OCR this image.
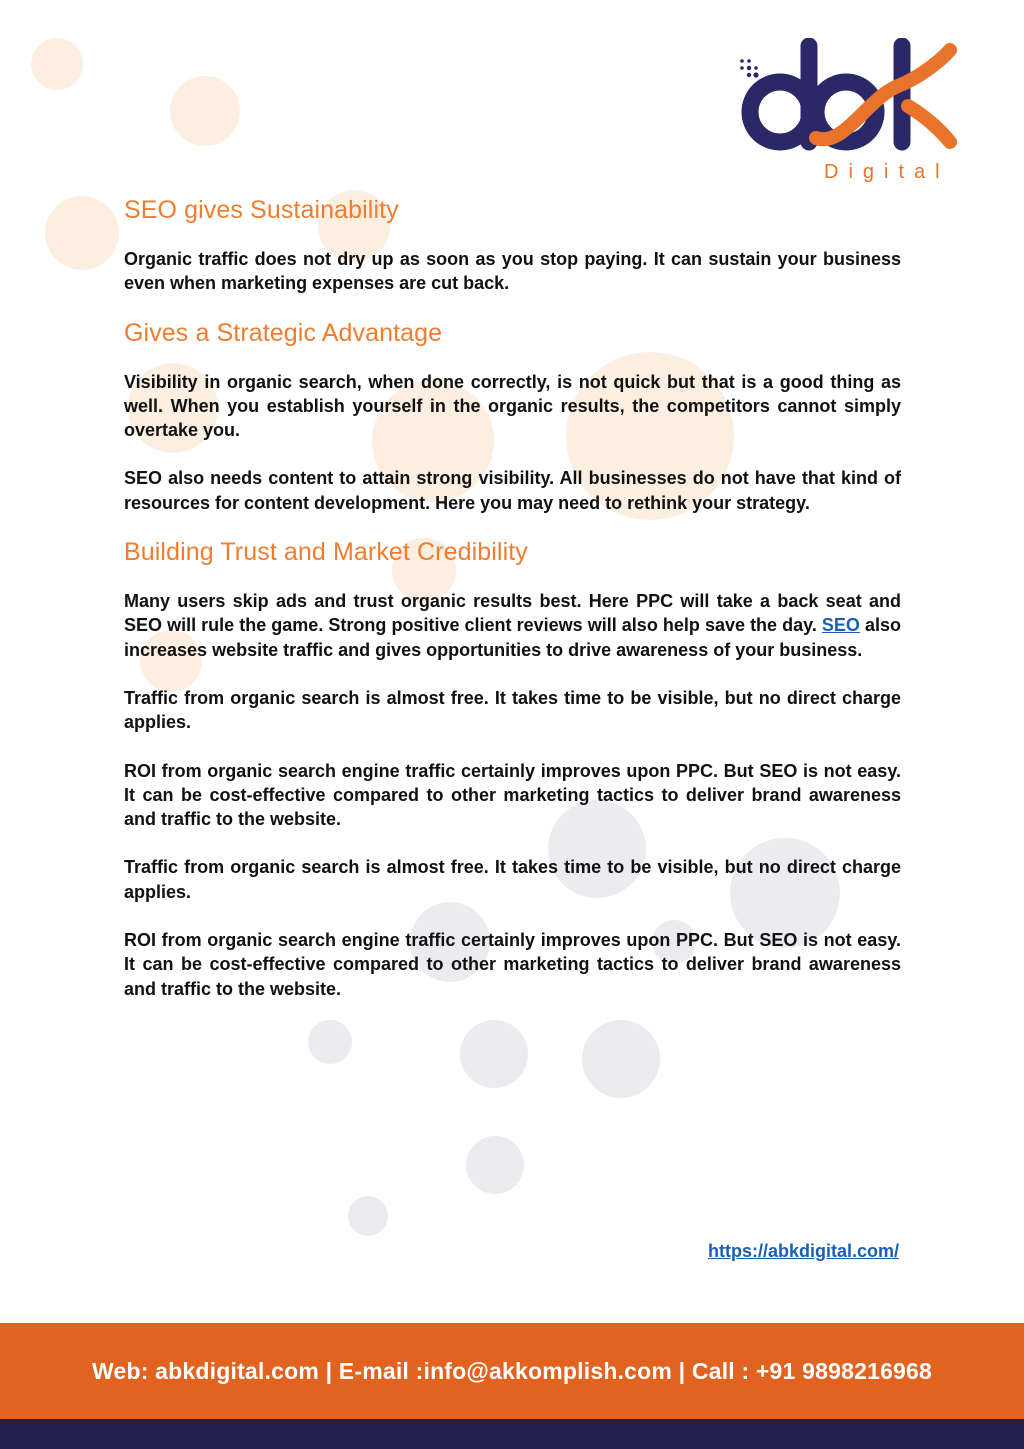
Digital
SEO gives Sustainability

Organic traffic does not dry up as soon as you stop paying. It can sustain your business even when marketing expenses are cut back.

Gives a Strategic Advantage

Visibility in organic search, when done correctly, is not quick but that is a good thing as well. When you establish yourself in the organic results, the competitors cannot simply overtake you.

SEO also needs content to attain strong visibility. All businesses do not have that kind of resources for content development. Here you may need to rethink your strategy.

Building Trust and Market Credibility

Many users skip ads and trust organic results best. Here PPC will take a back seat and SEO will rule the game. Strong positive client reviews will also help save the day. SEO also increases website traffic and gives opportunities to drive awareness of your business.

Traffic from organic search is almost free. It takes time to be visible, but no direct charge applies.

ROI from organic search engine traffic certainly improves upon PPC. But SEO is not easy. It can be cost-effective compared to other marketing tactics to deliver brand awareness and traffic to the website.

Traffic from organic search is almost free. It takes time to be visible, but no direct charge applies.

ROI from organic search engine traffic certainly improves upon PPC. But SEO is not easy. It can be cost-effective compared to other marketing tactics to deliver brand awareness and traffic to the website.

https://abkdigital.com/
Web: abkdigital.com | E-mail :info@akkomplish.com | Call : +91 9898216968
